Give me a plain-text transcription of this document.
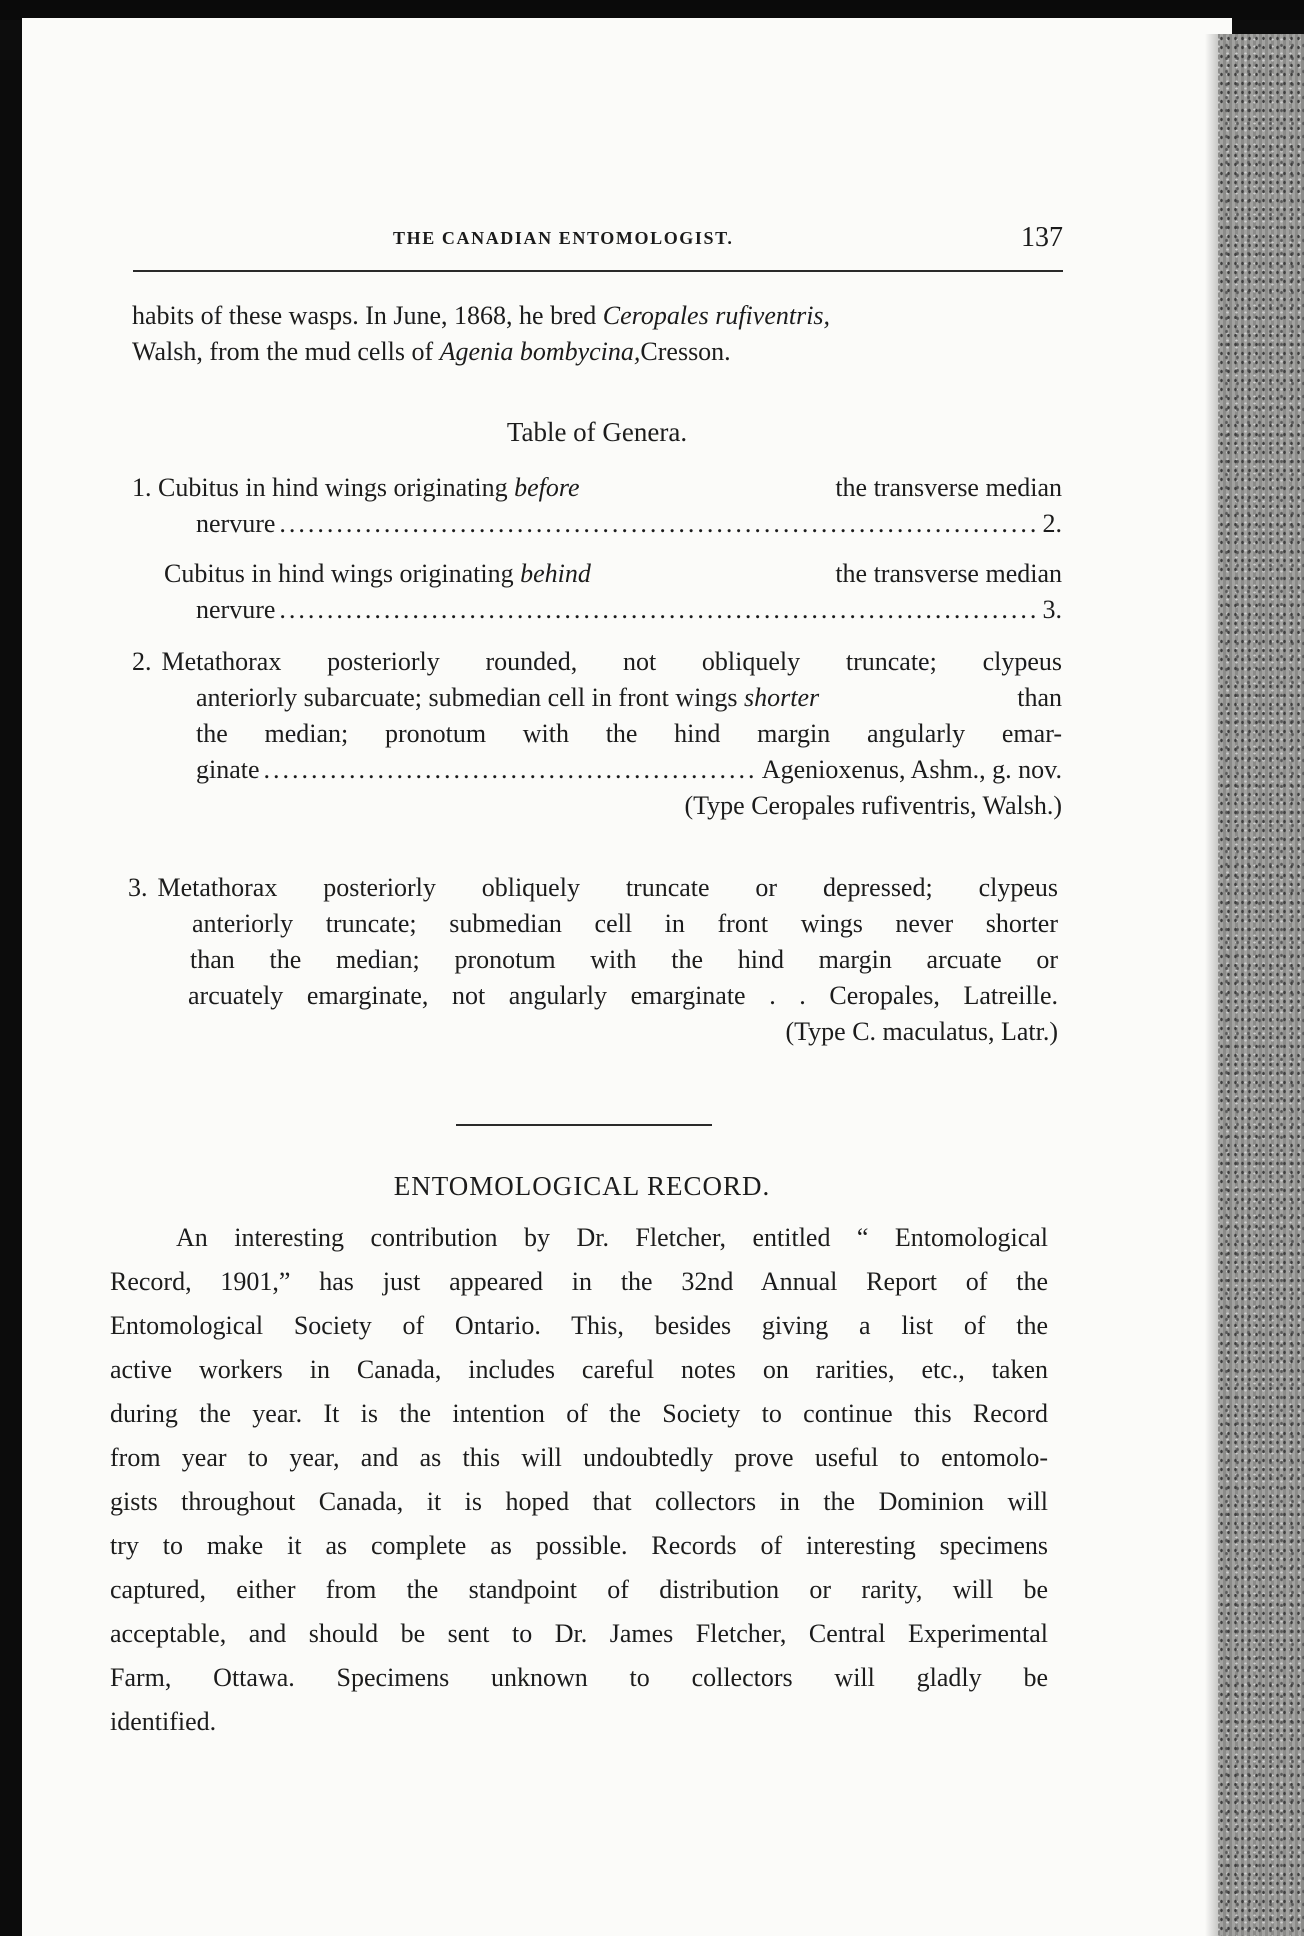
THE CANADIAN ENTOMOLOGIST.	137
habits of these wasps. In June, 1868, he bred Ceropales rufiventris,
Walsh, from the mud cells of
Agenia bombycina, Cresson.
Table of Genera.
1. Cubitus in hind wings originating before	the transverse median
nervure .....	2.
Cubitus in hind wings originating behind	the transverse median
nervure .....	3.
2. Metathorax posteriorly rounded, not obliquely truncate; clypeus
anteriorly subarcuate; submedian cell in front wings shorter	than
the median; pronotum with the hind margin angularly emar-
ginate .....	Agenioxenus, Ashm., g. nov.
(Type Ceropales rufiventris, Walsh.)
3. Metathorax posteriorly obliquely truncate or depressed; clypeus
anteriorly truncate; submedian cell in front wings never shorter
than the median; pronotum with the hind margin arcuate or
arcuately emarginate, not angularly emarginate . . Ceropales, Latreille.
(Type C. maculatus, Latr.)
ENTOMOLOGICAL RECORD.
An interesting contribution by Dr. Fletcher, entitled “ Entomological
Record, 1901,” has just appeared in the 32nd Annual Report of the
Entomological Society of Ontario. This, besides giving a list of the
active workers in Canada, includes careful notes on rarities, etc., taken
during the year. It is the intention of the Society to continue this Record
from year to year, and as this will undoubtedly prove useful to entomolo-
gists throughout Canada, it is hoped that collectors in the Dominion will
try to make it as complete as possible. Records of interesting specimens
captured, either from the standpoint of distribution or rarity, will be
acceptable, and should be sent to Dr. James Fletcher, Central Experimental
Farm, Ottawa. Specimens unknown to collectors will gladly be
identified.
